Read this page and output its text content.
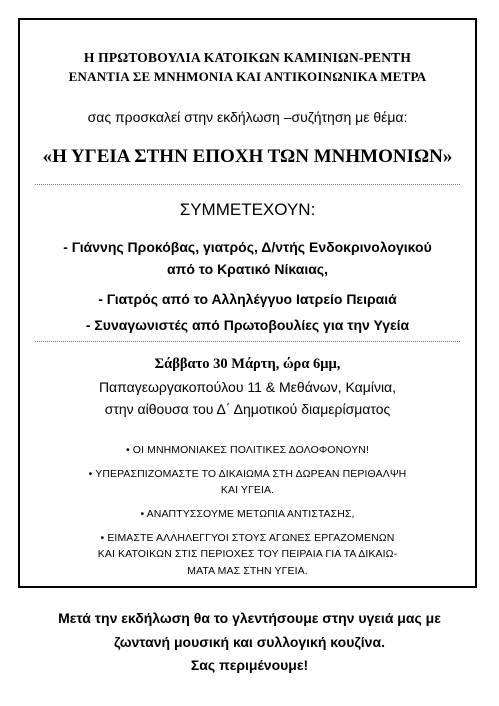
Η ΠΡΩΤΟΒΟΥΛΙΑ ΚΑΤΟΙΚΩΝ ΚΑΜΙΝΙΩΝ-ΡΕΝΤΗ
ΕΝΑΝΤΙΑ ΣΕ ΜΝΗΜΟΝΙΑ ΚΑΙ ΑΝΤΙΚΟΙΝΩΝΙΚΑ ΜΕΤΡΑ
σας προσκαλεί στην εκδήλωση –συζήτηση με θέμα:
«Η ΥΓΕΙΑ ΣΤΗΝ ΕΠΟΧΗ ΤΩΝ ΜΝΗΜΟΝΙΩΝ»
ΣΥΜΜΕΤΕΧΟΥΝ:
- Γιάννης Προκόβας, γιατρός, Δ/ντής Ενδοκρινολογικού
από το Κρατικό Νίκαιας,
- Γιατρός από το Αλληλέγγυο Ιατρείο Πειραιά
- Συναγωνιστές από Πρωτοβουλίες για την Υγεία
Σάββατο 30 Μάρτη, ώρα 6μμ,
Παπαγεωργακοπούλου 11 & Μεθάνων, Καμίνια,
στην αίθουσα του Δ΄ Δημοτικού διαμερίσματος
• ΟΙ ΜΝΗΜΟΝΙΑΚΕΣ ΠΟΛΙΤΙΚΕΣ ΔΟΛΟΦΟΝΟΥΝ!
• ΥΠΕΡΑΣΠΙΖΟΜΑΣΤΕ ΤΟ ΔΙΚΑΙΩΜΑ ΣΤΗ ΔΩΡΕΑΝ ΠΕΡΙΘΑΛΨΗ
ΚΑΙ ΥΓΕΙΑ.
• ΑΝΑΠΤΥΣΣΟΥΜΕ ΜΕΤΩΠΙΑ ΑΝΤΙΣΤΑΣΗΣ,
• ΕΙΜΑΣΤΕ ΑΛΛΗΛΕΓΓΥΟΙ ΣΤΟΥΣ ΑΓΩΝΕΣ ΕΡΓΑΖΟΜΕΝΩΝ
ΚΑΙ ΚΑΤΟΙΚΩΝ ΣΤΙΣ ΠΕΡΙΟΧΕΣ ΤΟΥ ΠΕΙΡΑΙΑ ΓΙΑ ΤΑ ΔΙΚΑΙΩ-
ΜΑΤΑ ΜΑΣ ΣΤΗΝ ΥΓΕΙΑ.
Μετά την εκδήλωση θα το γλεντήσουμε στην υγειά μας με
ζωντανή μουσική και συλλογική κουζίνα.
Σας περιμένουμε!
